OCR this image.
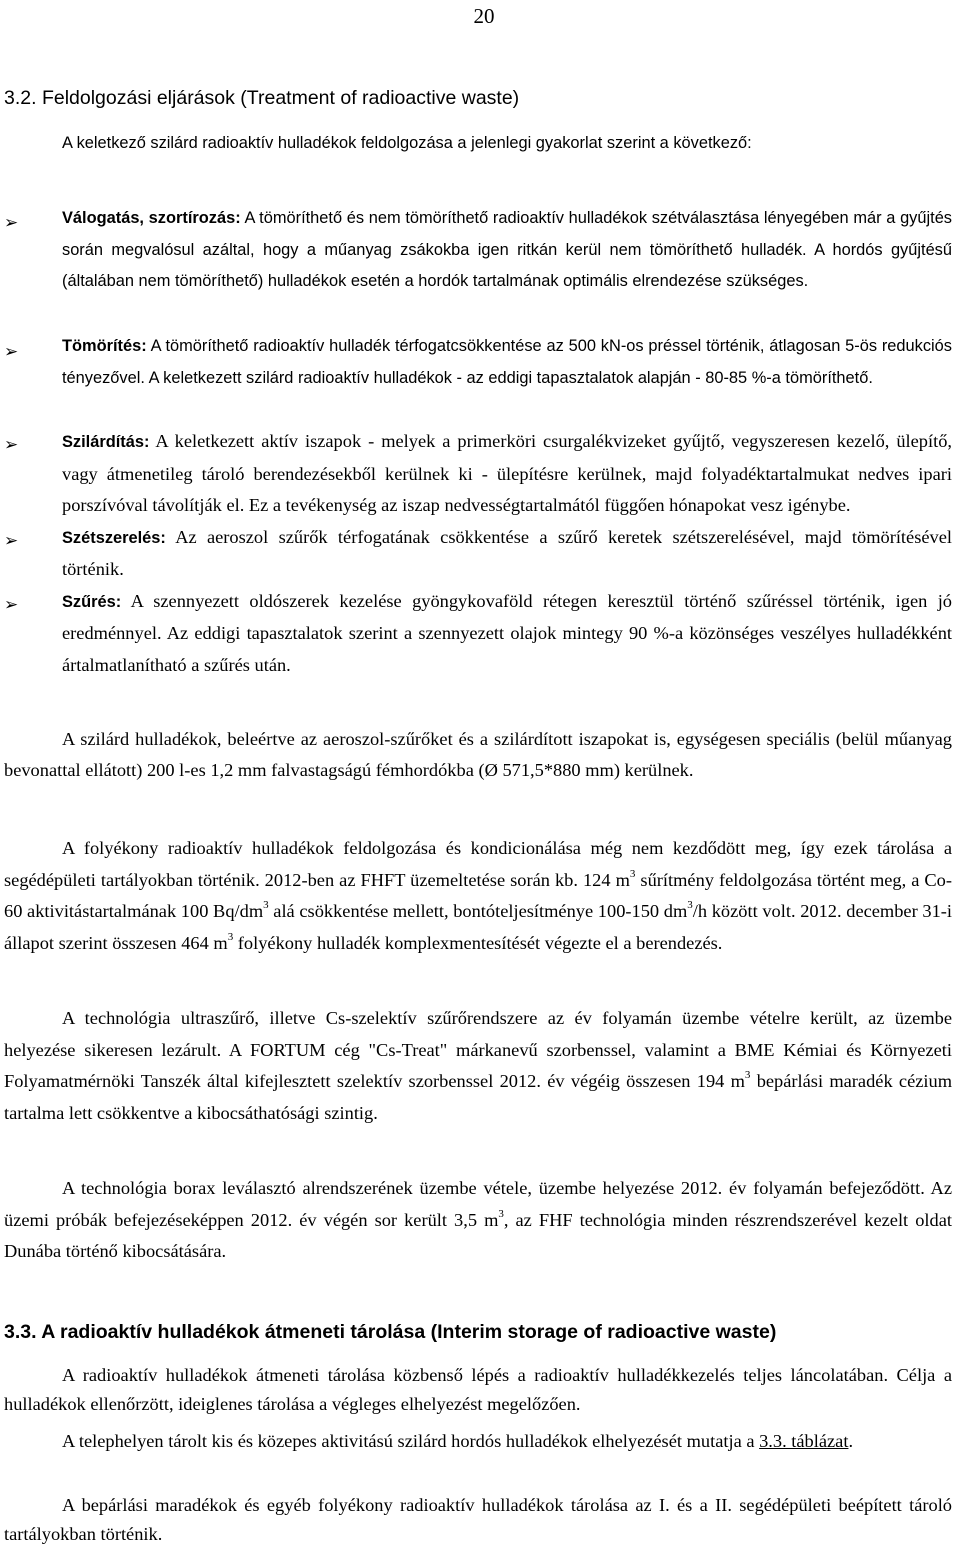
20
3.2. Feldolgozási eljárások (Treatment of radioactive waste)

A keletkező szilárd radioaktív hulladékok feldolgozása a jelenlegi gyakorlat szerint a következő:

➢	Válogatás, szortírozás: A tömöríthető és nem tömöríthető radioaktív hulladékok szétválasztása lényegében már a gyűjtés során megvalósul azáltal, hogy a műanyag zsákokba igen ritkán kerül nem tömöríthető hulladék. A hordós gyűjtésű (általában nem tömöríthető) hulladékok esetén a hordók tartalmának optimális elrendezése szükséges.
➢	Tömörítés: A tömöríthető radioaktív hulladék térfogatcsökkentése az 500 kN-os préssel történik, átlagosan 5-ös redukciós tényezővel. A keletkezett szilárd radioaktív hulladékok - az eddigi tapasztalatok alapján - 80-85 %-a tömöríthető.
➢	Szilárdítás: A keletkezett aktív iszapok - melyek a primerköri csurgalékvizeket gyűjtő, vegyszeresen kezelő, ülepítő, vagy átmenetileg tároló berendezésekből kerülnek ki - ülepítésre kerülnek, majd folyadéktartalmukat nedves ipari porszívóval távolítják el. Ez a tevékenység az iszap nedvességtartalmától függően hónapokat vesz igénybe.
➢	Szétszerelés: Az aeroszol szűrők térfogatának csökkentése a szűrő keretek szétszerelésével, majd tömörítésével történik.
➢	Szűrés: A szennyezett oldószerek kezelése gyöngykovaföld rétegen keresztül történő szűréssel történik, igen jó eredménnyel. Az eddigi tapasztalatok szerint a szennyezett olajok mintegy 90 %-a közönséges veszélyes hulladékként ártalmatlanítható a szűrés után.

A szilárd hulladékok, beleértve az aeroszol-szűrőket és a szilárdított iszapokat is, egységesen speciális (belül műanyag bevonattal ellátott) 200 l-es 1,2 mm falvastagságú fémhordókba (Ø 571,5*880 mm) kerülnek.

A folyékony radioaktív hulladékok feldolgozása és kondicionálása még nem kezdődött meg, így ezek tárolása a segédépületi tartályokban történik. 2012-ben az FHFT üzemeltetése során kb. 124 $m^3$ sűrítmény feldolgozása történt meg, a Co-60 aktivitástartalmának 100 $Bq/dm^3$ alá csökkentése mellett, bontóteljesítménye 100-150 $dm^3/h$ között volt. 2012. december 31-i állapot szerint összesen 464 $m^3$ folyékony hulladék komplexmentesítését végezte el a berendezés.

A technológia ultraszűrő, illetve Cs-szelektív szűrőrendszere az év folyamán üzembe vételre került, az üzembe helyezése sikeresen lezárult. A FORTUM cég "Cs-Treat" márkanevű szorbenssel, valamint a BME Kémiai és Környezeti Folyamatmérnöki Tanszék által kifejlesztett szelektív szorbenssel 2012. év végéig összesen 194 $m^3$ bepárlási maradék cézium tartalma lett csökkentve a kibocsáthatósági szintig.

A technológia borax leválasztó alrendszerének üzembe vétele, üzembe helyezése 2012. év folyamán befejeződött. Az üzemi próbák befejezéseképpen 2012. év végén sor került 3,5 $m^3$, az FHF technológia minden részrendszerével kezelt oldat Dunába történő kibocsátására.

3.3. A radioaktív hulladékok átmeneti tárolása (Interim storage of radioactive waste)

A radioaktív hulladékok átmeneti tárolása közbenső lépés a radioaktív hulladékkezelés teljes láncolatában. Célja a hulladékok ellenőrzött, ideiglenes tárolása a végleges elhelyezést megelőzően.

A telephelyen tárolt kis és közepes aktivitású szilárd hordós hulladékok elhelyezését mutatja a 3.3. táblázat.

A bepárlási maradékok és egyéb folyékony radioaktív hulladékok tárolása az I. és a II. segédépületi beépített tároló tartályokban történik.
